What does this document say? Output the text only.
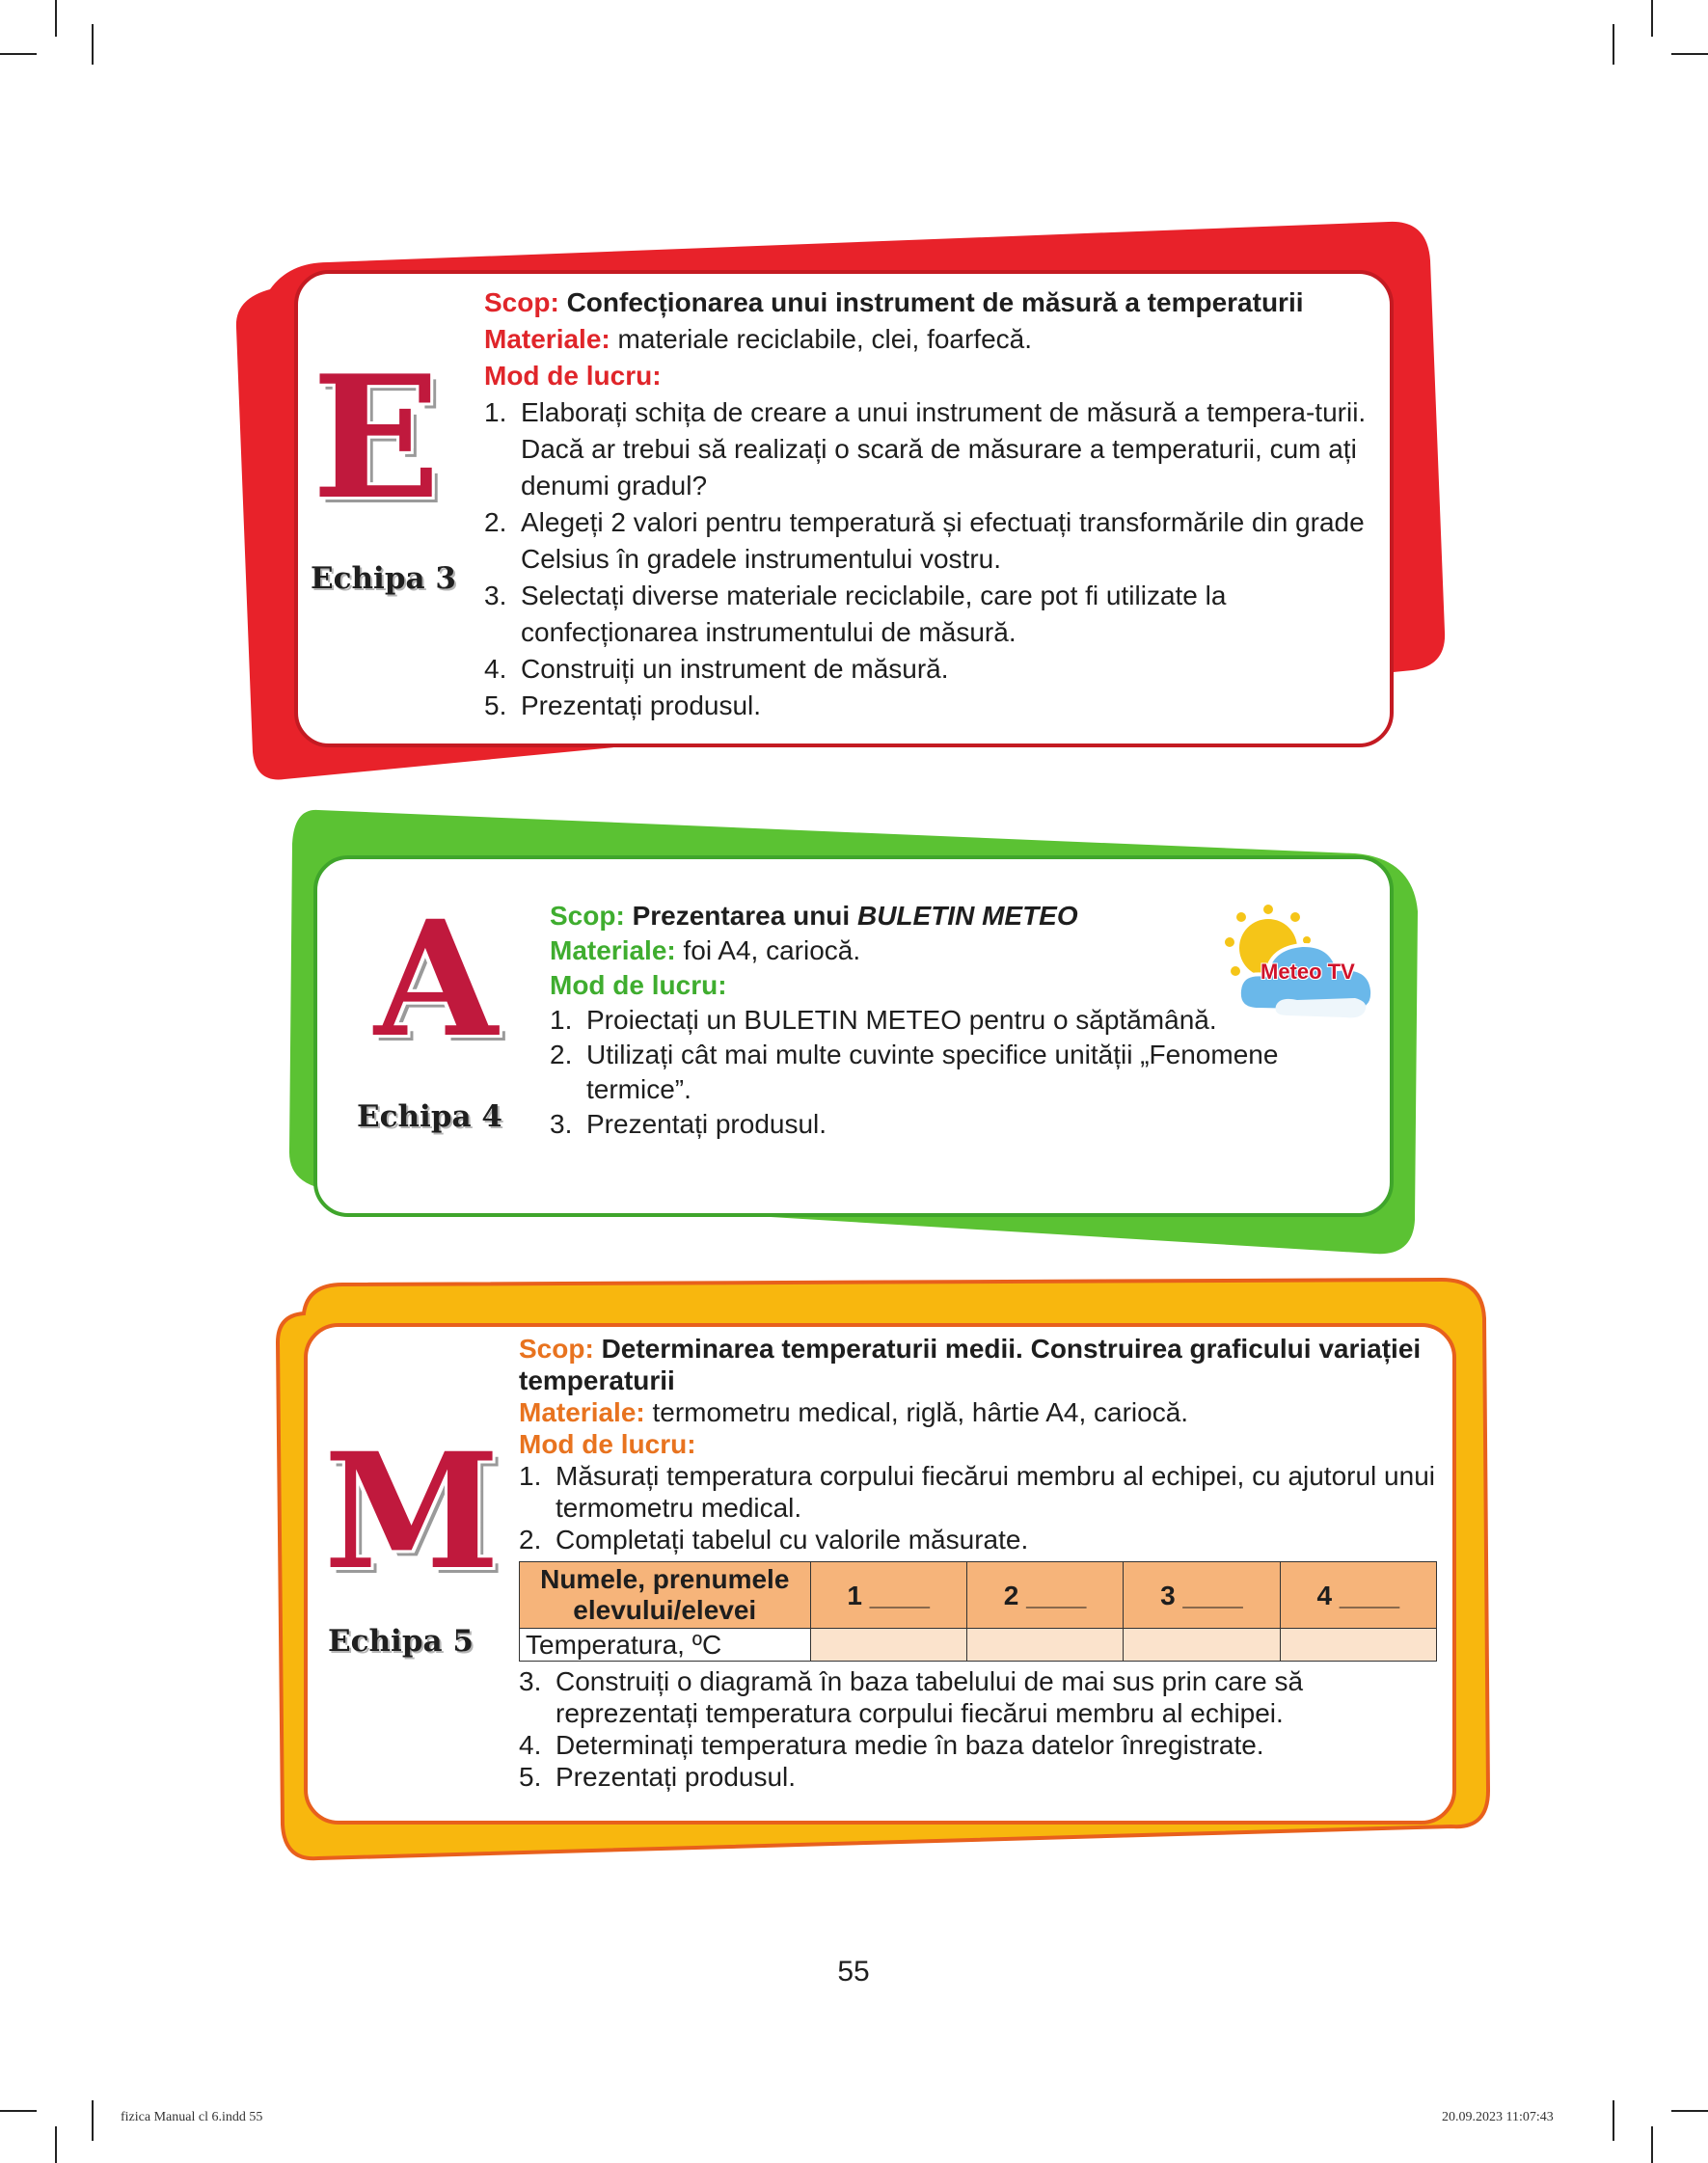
E
Echipa 3
Scop: Confecționarea unui instrument de măsură a temperaturii
Materiale: materiale reciclabile, clei, foarfecă.
Mod de lucru:
1. Elaborați schița de creare a unui instrument de măsură a tempera-turii. Dacă ar trebui să realizați o scară de măsurare a temperaturii, cum ați denumi gradul?
2. Alegeți 2 valori pentru temperatură și efectuați transformările din grade Celsius în gradele instrumentului vostru.
3. Selectați diverse materiale reciclabile, care pot fi utilizate la confecționarea instrumentului de măsură.
4. Construiți un instrument de măsură.
5. Prezentați produsul.
A
Echipa 4
Scop: Prezentarea unui BULETIN METEO
Materiale: foi A4, cariocă.
Mod de lucru:
1. Proiectați un BULETIN METEO pentru o săptămână.
2. Utilizați cât mai multe cuvinte specifice unității „Fenomene termice”.
3. Prezentați produsul.
Meteo TV
M
Echipa 5
Scop: Determinarea temperaturii medii. Construirea graficului variației temperaturii
Materiale: termometru medical, riglă, hârtie A4, cariocă.
Mod de lucru:
1. Măsurați temperatura corpului fiecărui membru al echipei, cu ajutorul unui termometru medical.
2. Completați tabelul cu valorile măsurate.
Numele, prenumele elevului/elevei	1 ____	2 ____	3 ____	4 ____
Temperatura, ºC				
3. Construiți o diagramă în baza tabelului de mai sus prin care să reprezentați temperatura corpului fiecărui membru al echipei.
4. Determinați temperatura medie în baza datelor înregistrate.
5. Prezentați produsul.
55
fizica Manual cl 6.indd 55	20.09.2023 11:07:43
